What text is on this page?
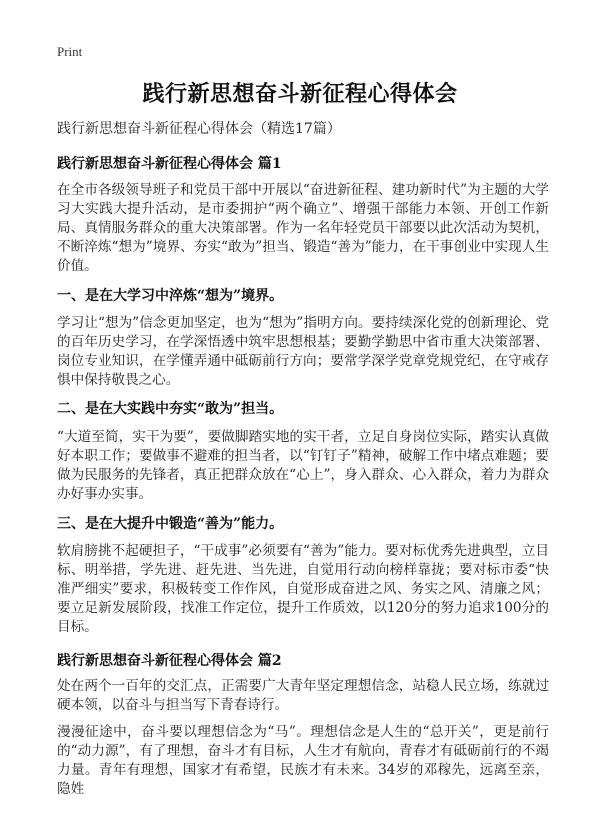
Print
践行新思想奋斗新征程心得体会
践行新思想奋斗新征程心得体会（精选17篇）
践行新思想奋斗新征程心得体会 篇1
在全市各级领导班子和党员干部中开展以“奋进新征程、建功新时代”为主题的大学习大实践大提升活动，是市委拥护“两个确立”、增强干部能力本领、开创工作新局、真情服务群众的重大决策部署。作为一名年轻党员干部要以此次活动为契机，不断淬炼“想为”境界、夯实“敢为”担当、锻造“善为”能力，在干事创业中实现人生价值。
一、是在大学习中淬炼“想为”境界。
学习让“想为”信念更加坚定，也为“想为”指明方向。要持续深化党的创新理论、党的百年历史学习，在学深悟透中筑牢思想根基；要勤学勤思中省市重大决策部署、岗位专业知识，在学懂弄通中砥砺前行方向；要常学深学党章党规党纪，在守戒存惧中保持敬畏之心。
二、是在大实践中夯实“敢为”担当。
“大道至简，实干为要”，要做脚踏实地的实干者，立足自身岗位实际，踏实认真做好本职工作；要做事不避难的担当者，以“钉钉子”精神，破解工作中堵点难题；要做为民服务的先锋者，真正把群众放在“心上”，身入群众、心入群众，着力为群众办好事办实事。
三、是在大提升中锻造“善为”能力。
软肩膀挑不起硬担子，“干成事”必须要有“善为”能力。要对标优秀先进典型，立目标、明举措，学先进、赶先进、当先进，自觉用行动向榜样靠拢；要对标市委“快准严细实”要求，积极转变工作作风，自觉形成奋进之风、务实之风、清廉之风；要立足新发展阶段，找准工作定位，提升工作质效，以120分的努力追求100分的目标。
践行新思想奋斗新征程心得体会 篇2
处在两个一百年的交汇点，正需要广大青年坚定理想信念，站稳人民立场，练就过硬本领，以奋斗与担当写下青春诗行。
漫漫征途中，奋斗要以理想信念为“马”。理想信念是人生的“总开关”，更是前行的“动力源”，有了理想，奋斗才有目标，人生才有航向，青春才有砥砺前行的不竭力量。青年有理想，国家才有希望，民族才有未来。34岁的邓稼先，远离至亲，隐姓
